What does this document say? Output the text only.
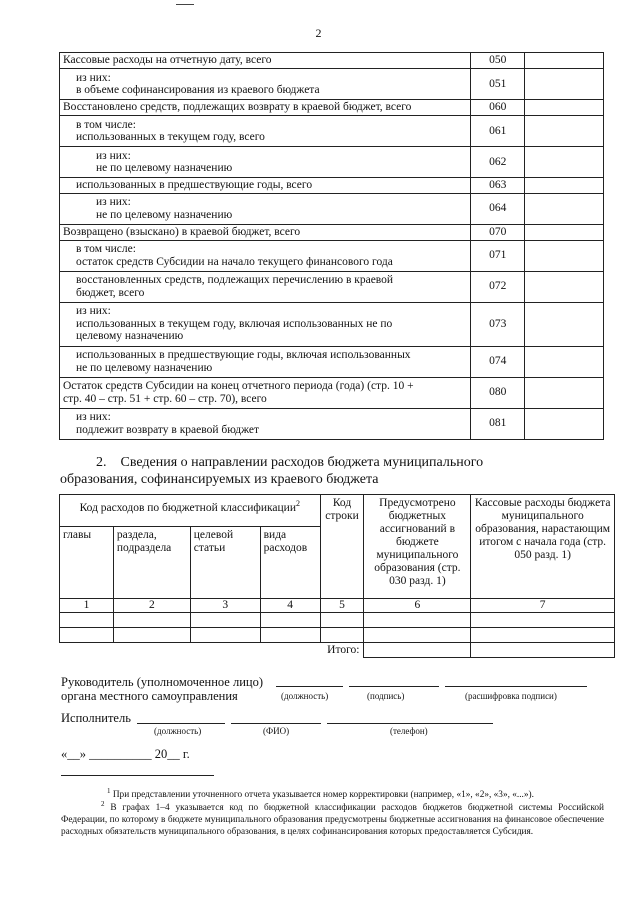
2
Кассовые расходы на отчетную дату, всего	050	

из них:
в объеме софинансирования из краевого бюджета	051	

Восстановлено средств, подлежащих возврату в краевой бюджет, всего	060	

в том числе:
использованных в текущем году, всего	061	

из них:
не по целевому назначению	062	

использованных в предшествующие годы, всего	063	

из них:
не по целевому назначению	064	

Возвращено (взыскано) в краевой бюджет, всего	070	

в том числе:
остаток средств Субсидии на начало текущего финансового года	071	

восстановленных средств, подлежащих перечислению в краевой
бюджет, всего	072	

из них:
использованных в текущем году, включая использованных не по
целевому назначению	073	

использованных в предшествующие годы, включая использованных
не по целевому назначению	074	

Остаток средств Субсидии на конец отчетного периода (года) (стр. 10 +
стр. 40 – стр. 51 + стр. 60 – стр. 70), всего	080	

из них:
подлежит возврату в краевой бюджет	081	
2. Сведения о направлении расходов бюджета муниципального
образования, софинансируемых из краевого бюджета
Код расходов по бюджетной классификации$^2$				Код строки	Предусмотрено бюджетных ассигнований в бюджете муниципального образования (стр. 030 разд. 1)	Кассовые расходы бюджета муниципального образования, нарастающим итогом с начала года (стр. 050 разд. 1)
главы	раздела, подраздела	целевой статьи	вида расходов			
1	2	3	4	5	6	7

Итого:						
Руководитель (уполномоченное лицо)
органа местного самоуправления	(должность)	(подпись)	(расшифровка подписи)
Исполнитель
(должность)	(ФИО)	(телефон)
«__» __________ 20__ г.
$^1$ При представлении уточненного отчета указывается номер корректировки (например, «1», «2», «3», «...»).
$^2$ В графах 1–4 указывается код по бюджетной классификации расходов бюджетов бюджетной системы Российской Федерации, по которому в бюджете муниципального образования предусмотрены бюджетные ассигнования на финансовое обеспечение расходных обязательств муниципального образования, в целях софинансирования которых предоставляется Субсидия.
